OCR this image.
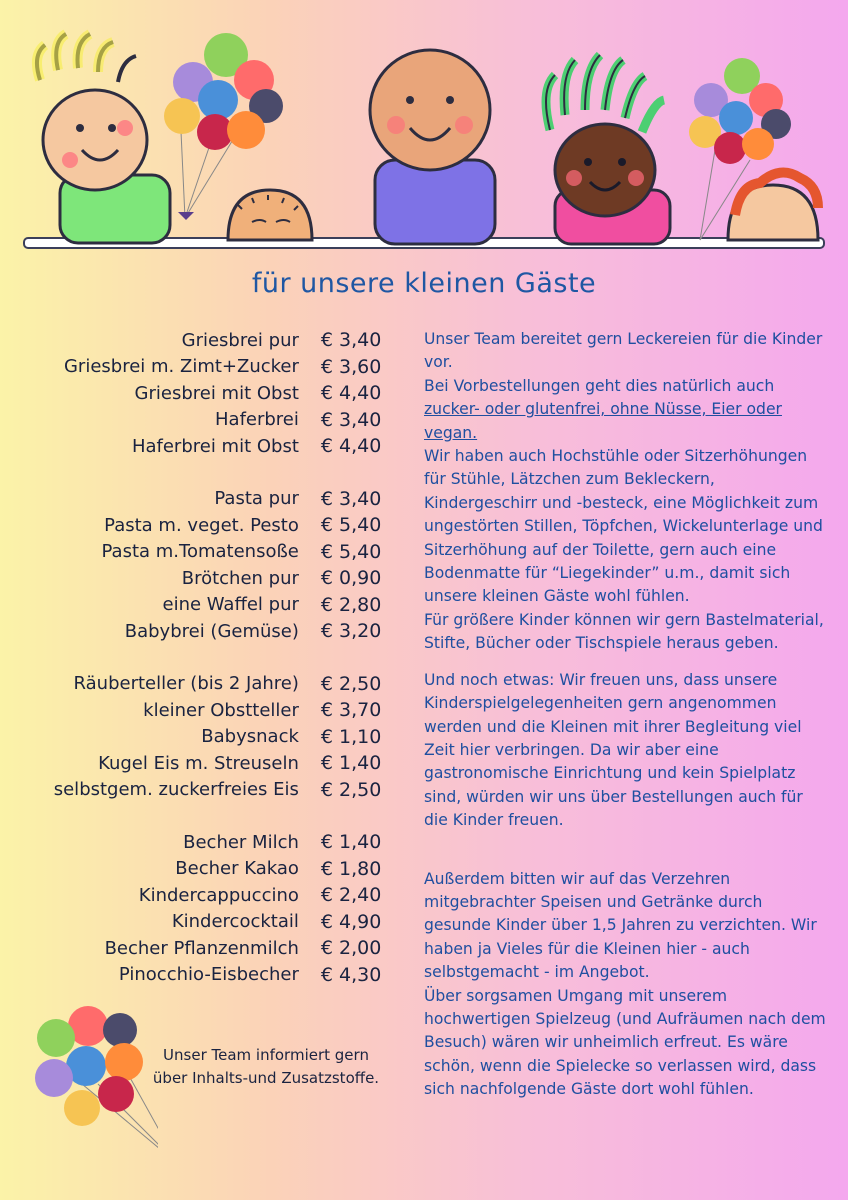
für unsere kleinen Gäste
Griesbrei pur	€ 3,40
Griesbrei m. Zimt+Zucker	€ 3,60
Griesbrei mit Obst	€ 4,40
Haferbrei	€ 3,40
Haferbrei mit Obst	€ 4,40
Pasta pur	€ 3,40
Pasta m. veget. Pesto	€ 5,40
Pasta m.Tomatensoße	€ 5,40
Brötchen pur	€ 0,90
eine Waffel pur	€ 2,80
Babybrei (Gemüse)	€ 3,20
Räuberteller (bis 2 Jahre)	€ 2,50
kleiner Obstteller	€ 3,70
Babysnack	€ 1,10
Kugel Eis m. Streuseln	€ 1,40
selbstgem. zuckerfreies Eis	€ 2,50
Becher Milch	€ 1,40
Becher Kakao	€ 1,80
Kindercappuccino	€ 2,40
Kindercocktail	€ 4,90
Becher Pflanzenmilch	€ 2,00
Pinocchio-Eisbecher	€ 4,30

Unser Team bereitet gern Leckereien für die Kinder vor.

Bei Vorbestellungen geht dies natürlich auch zucker- oder glutenfrei, ohne Nüsse, Eier oder vegan.

Wir haben auch Hochstühle oder Sitzerhöhungen für Stühle, Lätzchen zum Bekleckern, Kindergeschirr und -besteck, eine Möglichkeit zum ungestörten Stillen, Töpfchen, Wickelunterlage und Sitzerhöhung auf der Toilette, gern auch eine Bodenmatte für “Liegekinder” u.m., damit sich unsere kleinen Gäste wohl fühlen.

Für größere Kinder können wir gern Bastelmaterial, Stifte, Bücher oder Tischspiele heraus geben.

Und noch etwas: Wir freuen uns, dass unsere Kinderspielgelegenheiten gern angenommen werden und die Kleinen mit ihrer Begleitung viel Zeit hier verbringen. Da wir aber eine gastronomische Einrichtung und kein Spielplatz sind, würden wir uns über Bestellungen auch für die Kinder freuen.

Außerdem bitten wir auf das Verzehren mitgebrachter Speisen und Getränke durch gesunde Kinder über 1,5 Jahren zu verzichten. Wir haben ja Vieles für die Kleinen hier - auch selbstgemacht - im Angebot.

Über sorgsamen Umgang mit unserem hochwertigen Spielzeug (und Aufräumen nach dem Besuch) wären wir unheimlich erfreut. Es wäre schön, wenn die Spielecke so verlassen wird, dass sich nachfolgende Gäste dort wohl fühlen.

Unser Team informiert gern über Inhalts-und Zusatzstoffe.
